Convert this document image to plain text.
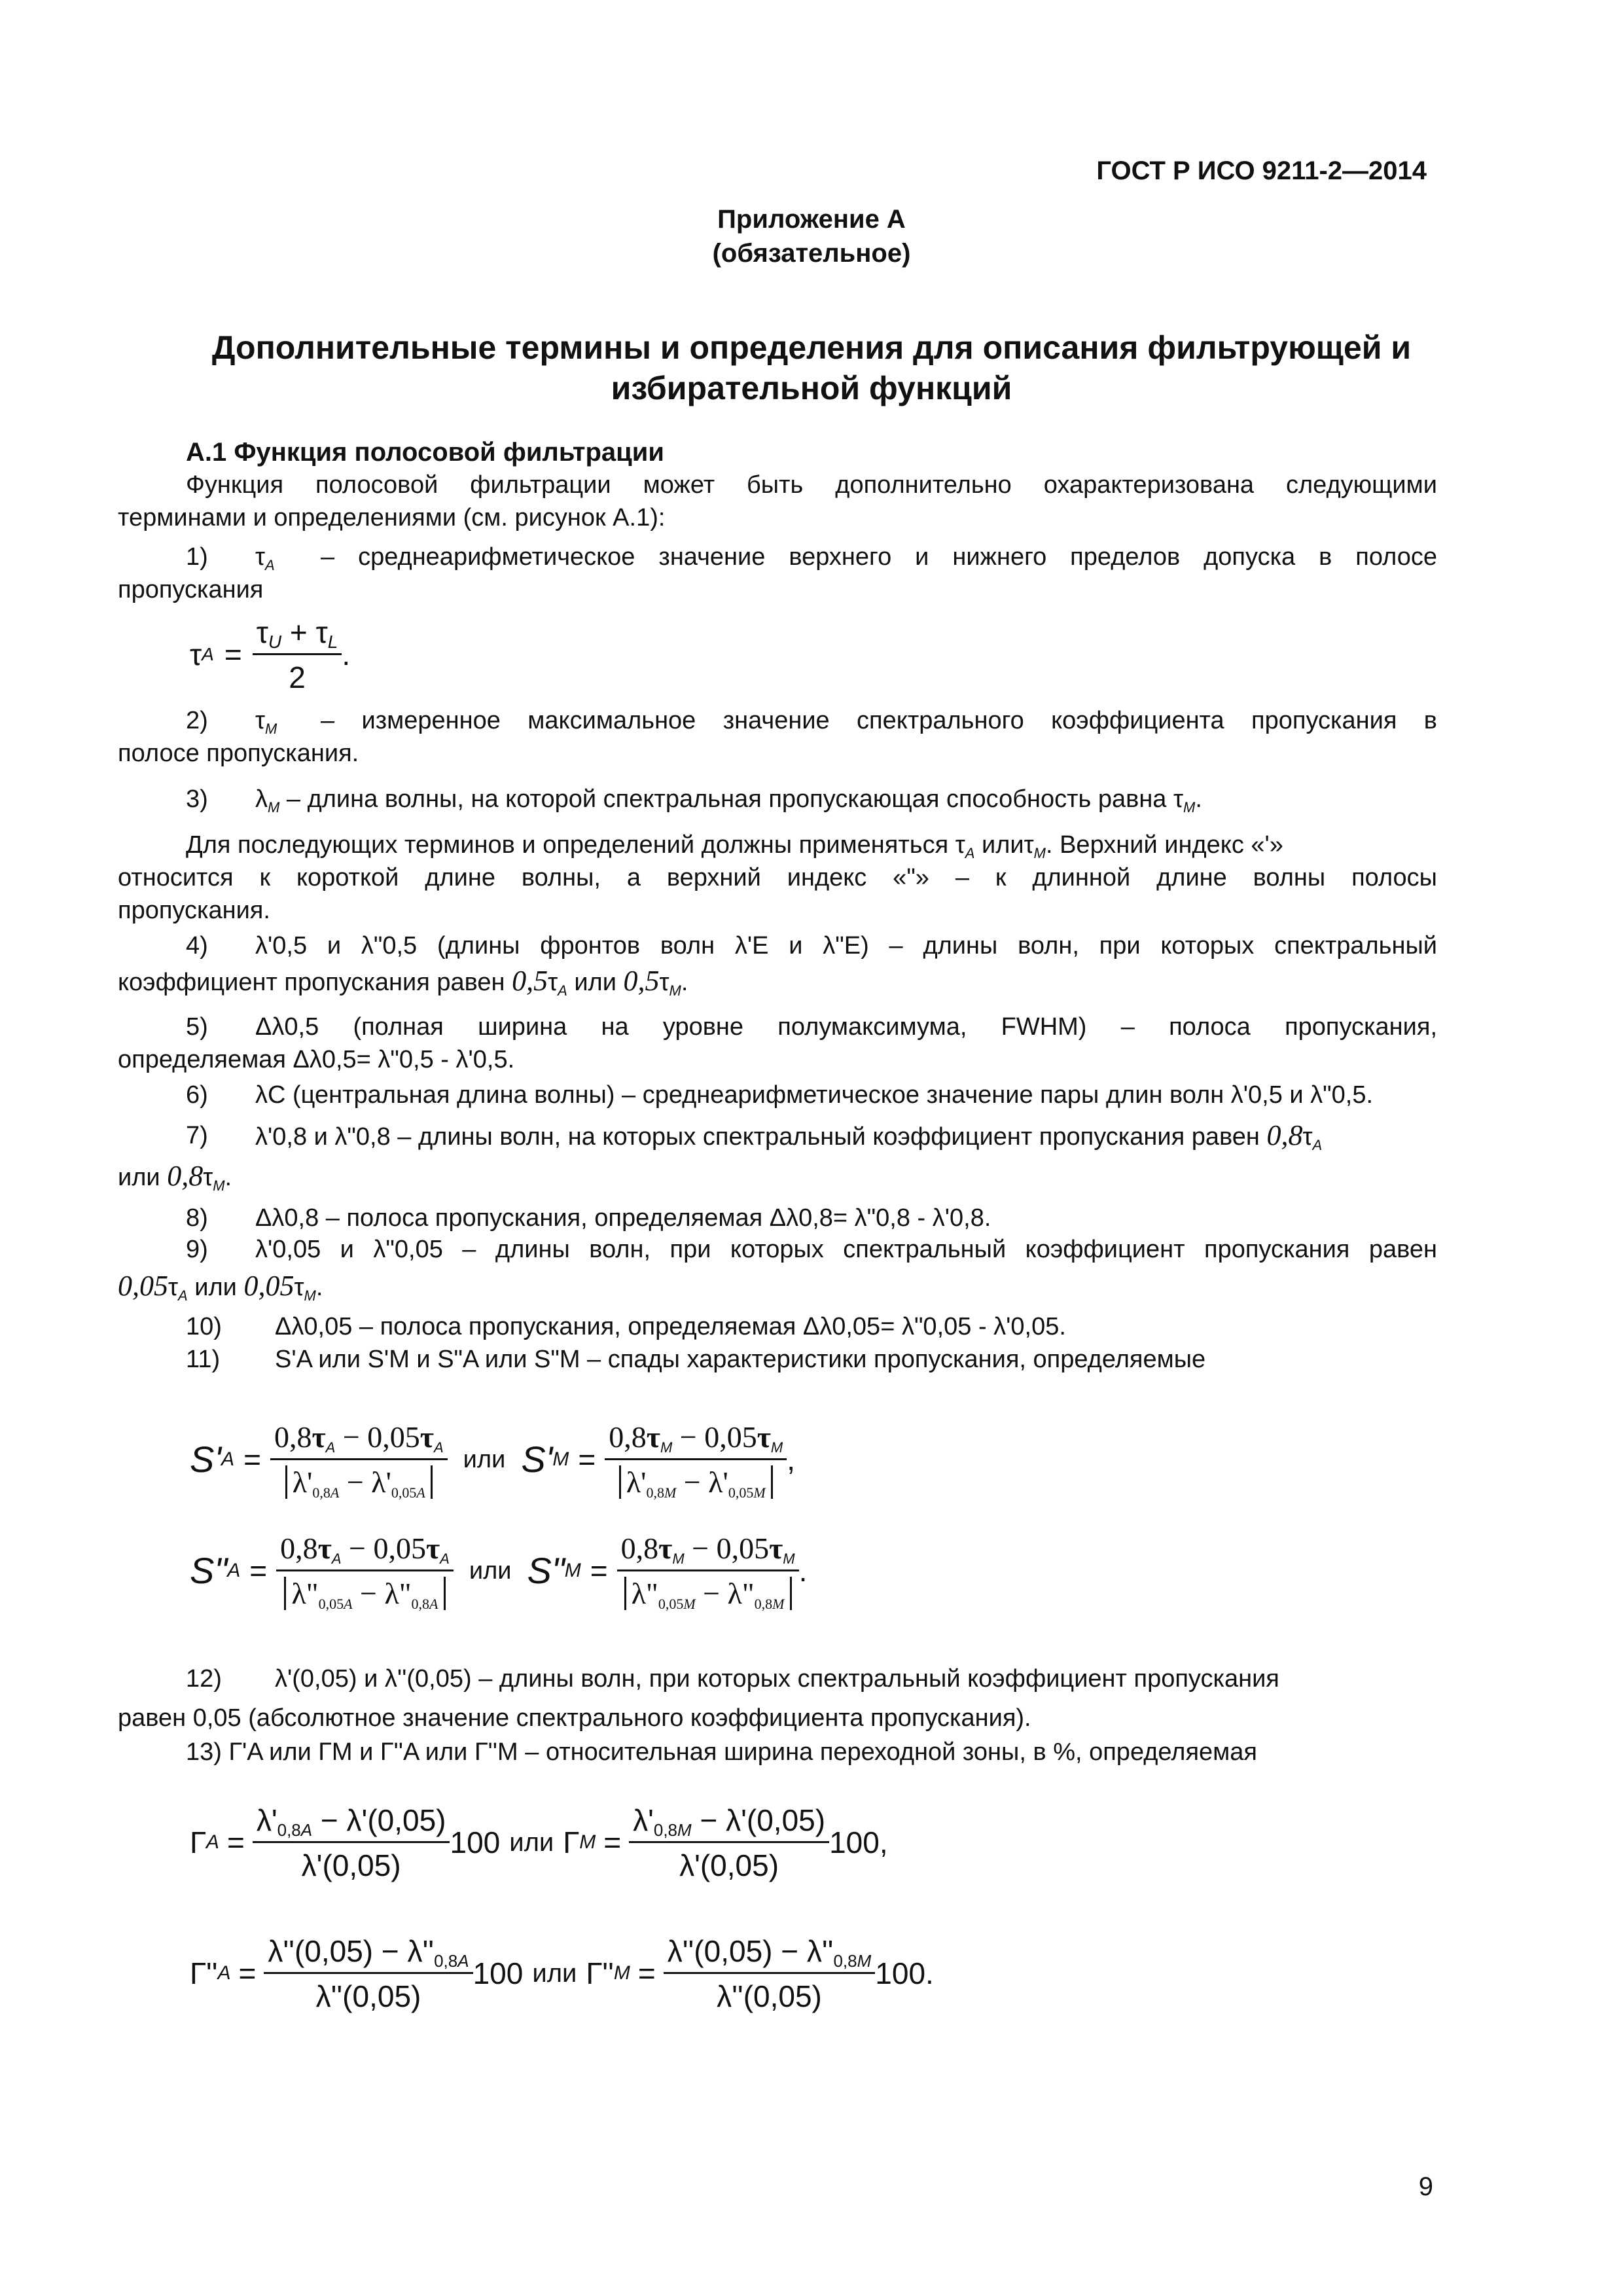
ГОСТ Р ИСО 9211-2—2014
Приложение А
(обязательное)
Дополнительные термины и определения для описания фильтрующей и
избирательной функций
А.1 Функция полосовой фильтрации
Функция полосовой фильтрации может быть дополнительно охарактеризована следующими
терминами и определениями (см. рисунок А.1):
1) $\tau_A$ – среднеарифметическое значение верхнего и нижнего пределов допуска в полосе
пропускания
τ $A = \frac{\tau_U + \tau_L}{2}$ .
2) $\tau_M$ – измеренное максимальное значение спектрального коэффициента пропускания в
полосе пропускания.
3) $\lambda_M$ – длина волны, на которой спектральная пропускающая способность равна $\tau_M$.
Для последующих терминов и определений должны применяться $\tau_A$ илиτ$_M$. Верхний индекс «'»
относится к короткой длине волны, а верхний индекс «"» – к длинной длине волны полосы
пропускания.
4) λ'0,5 и λ"0,5 (длины фронтов волн λ'E и λ"E) – длины волн, при которых спектральный
коэффициент пропускания равен $0,5\tau_A$ или $0,5\tau_M$.
5) Δλ0,5 (полная ширина на уровне полумаксимума, FWHM) – полоса пропускания,
определяемая Δλ0,5= λ"0,5 - λ'0,5.
6) λC (центральная длина волны) – среднеарифметическое значение пары длин волн λ'0,5 и λ"0,5.
7) λ'0,8 и λ"0,8 – длины волн, на которых спектральный коэффициент пропускания равен $0,8\tau_A$
или $0,8\tau_M$.
8) Δλ0,8 – полоса пропускания, определяемая Δλ0,8= λ"0,8 - λ'0,8.
9) λ'0,05 и λ"0,05 – длины волн, при которых спектральный коэффициент пропускания равен
$0,05\tau_A$ или $0,05\tau_M$.
10) Δλ0,05 – полоса пропускания, определяемая Δλ0,05= λ"0,05 - λ'0,05.
11) S'A или S'M и S"A или S"M – спады характеристики пропускания, определяемые
S' $A = \frac{0,8\tau_A - 0,05\tau_A}{\lambda'_{0,8A} - \lambda'_{0,05A}}$ или S' $M = \frac{0,8\tau_M - 0,05\tau_M}{\lambda'_{0,8M} - \lambda'_{0,05M}}$ ,
S" $A = \frac{0,8\tau_A - 0,05\tau_A}{\lambda"_{0,05A} - \lambda"_{0,8A}}$ или S" $M = \frac{0,8\tau_M - 0,05\tau_M}{\lambda"_{0,05M} - \lambda"_{0,8M}}$ .
12) λ'(0,05) и λ''(0,05) – длины волн, при которых спектральный коэффициент пропускания
равен 0,05 (абсолютное значение спектрального коэффициента пропускания).
13) Г'A или ГM и Г''A или Г''M – относительная ширина переходной зоны, в %, определяемая
Г $A = \frac{\lambda'_{0,8A} - \lambda'(0,05)}{\lambda'(0,05)} 100$ или Г $M = \frac{\lambda'_{0,8M} - \lambda'(0,05)}{\lambda'(0,05)} 100$ ,
Г'' $A = \frac{\lambda''(0,05) - \lambda''_{0,8A}}{\lambda''(0,05)} 100$ или Г'' $M = \frac{\lambda''(0,05) - \lambda''_{0,8M}}{\lambda''(0,05)} 100$ .
9
